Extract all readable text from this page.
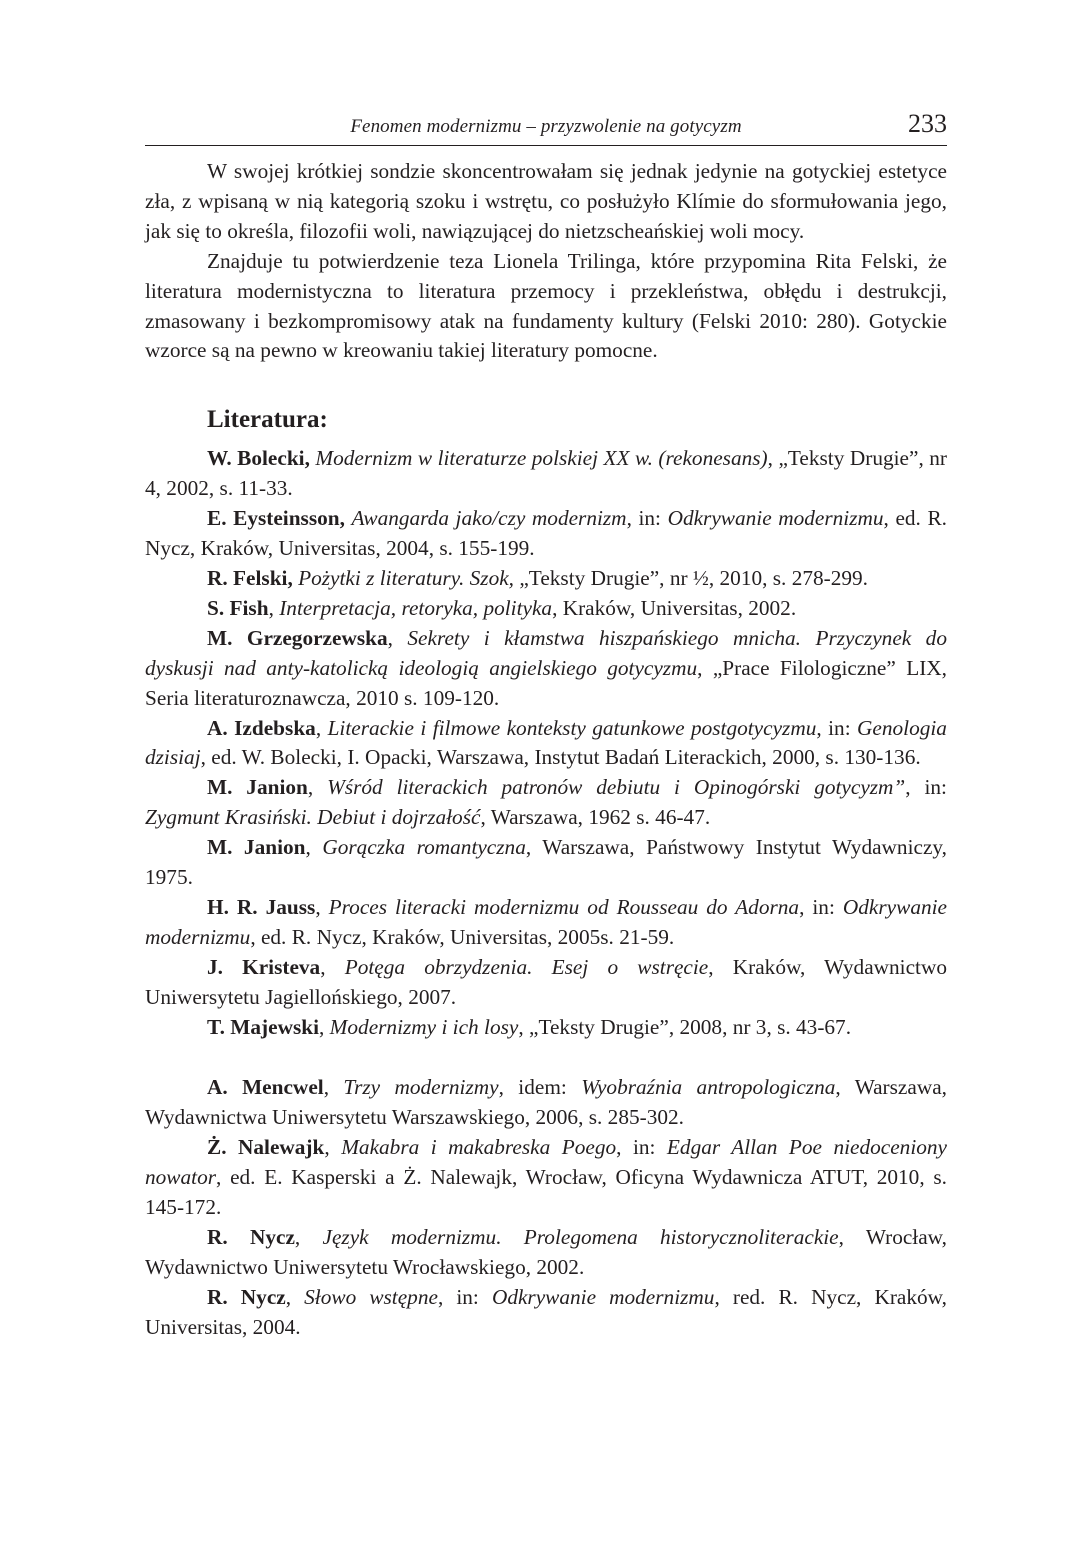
Fenomen modernizmu – przyzwolenie na gotycyzm	233

W swojej krótkiej sondzie skoncentrowałam się jednak jedynie na gotyckiej estetyce zła, z wpisaną w nią kategorią szoku i wstrętu, co posłużyło Klímie do sformułowania jego, jak się to określa, filozofii woli, nawiązującej do nietzscheańskiej woli mocy.

Znajduje tu potwierdzenie teza Lionela Trilinga, które przypomina Rita Felski, że literatura modernistyczna to literatura przemocy i przekleństwa, obłędu i destrukcji, zmasowany i bezkompromisowy atak na fundamenty kultury (Felski 2010: 280). Gotyckie wzorce są na pewno w kreowaniu takiej literatury pomocne.

Literatura:

W. Bolecki, Modernizm w literaturze polskiej XX w. (rekonesans), „Teksty Drugie”, nr 4, 2002, s. 11-33.

E. Eysteinsson, Awangarda jako/czy modernizm, in: Odkrywanie modernizmu, ed. R. Nycz, Kraków, Universitas, 2004, s. 155-199.

R. Felski, Pożytki z literatury. Szok, „Teksty Drugie”, nr ½, 2010, s. 278-299.

S. Fish, Interpretacja, retoryka, polityka, Kraków, Universitas, 2002.

M. Grzegorzewska, Sekrety i kłamstwa hiszpańskiego mnicha. Przyczynek do dyskusji nad anty-katolicką ideologią angielskiego gotycyzmu, „Prace Filologiczne” LIX, Seria literaturoznawcza, 2010 s. 109-120.

A. Izdebska, Literackie i filmowe konteksty gatunkowe postgotycyzmu, in: Genologia dzisiaj, ed. W. Bolecki, I. Opacki, Warszawa, Instytut Badań Literackich, 2000, s. 130-136.

M. Janion, Wśród literackich patronów debiutu i Opinogórski gotycyzm”, in: Zygmunt Krasiński. Debiut i dojrzałość, Warszawa, 1962 s. 46-47.

M. Janion, Gorączka romantyczna, Warszawa, Państwowy Instytut Wydawniczy, 1975.

H. R. Jauss, Proces literacki modernizmu od Rousseau do Adorna, in: Odkrywanie modernizmu, ed. R. Nycz, Kraków, Universitas, 2005s. 21-59.

J. Kristeva, Potęga obrzydzenia. Esej o wstręcie, Kraków, Wydawnictwo Uniwersytetu Jagiellońskiego, 2007.

T. Majewski, Modernizmy i ich losy, „Teksty Drugie”, 2008, nr 3, s. 43-67.

A. Mencwel, Trzy modernizmy, idem: Wyobraźnia antropologiczna, Warszawa, Wydawnictwa Uniwersytetu Warszawskiego, 2006, s. 285-302.

Ż. Nalewajk, Makabra i makabreska Poego, in: Edgar Allan Poe niedoceniony nowator, ed. E. Kasperski a Ż. Nalewajk, Wrocław, Oficyna Wydawnicza ATUT, 2010, s. 145-172.

R. Nycz, Język modernizmu. Prolegomena historycznoliterackie, Wrocław, Wydawnictwo Uniwersytetu Wrocławskiego, 2002.

R. Nycz, Słowo wstępne, in: Odkrywanie modernizmu, red. R. Nycz, Kraków, Universitas, 2004.
